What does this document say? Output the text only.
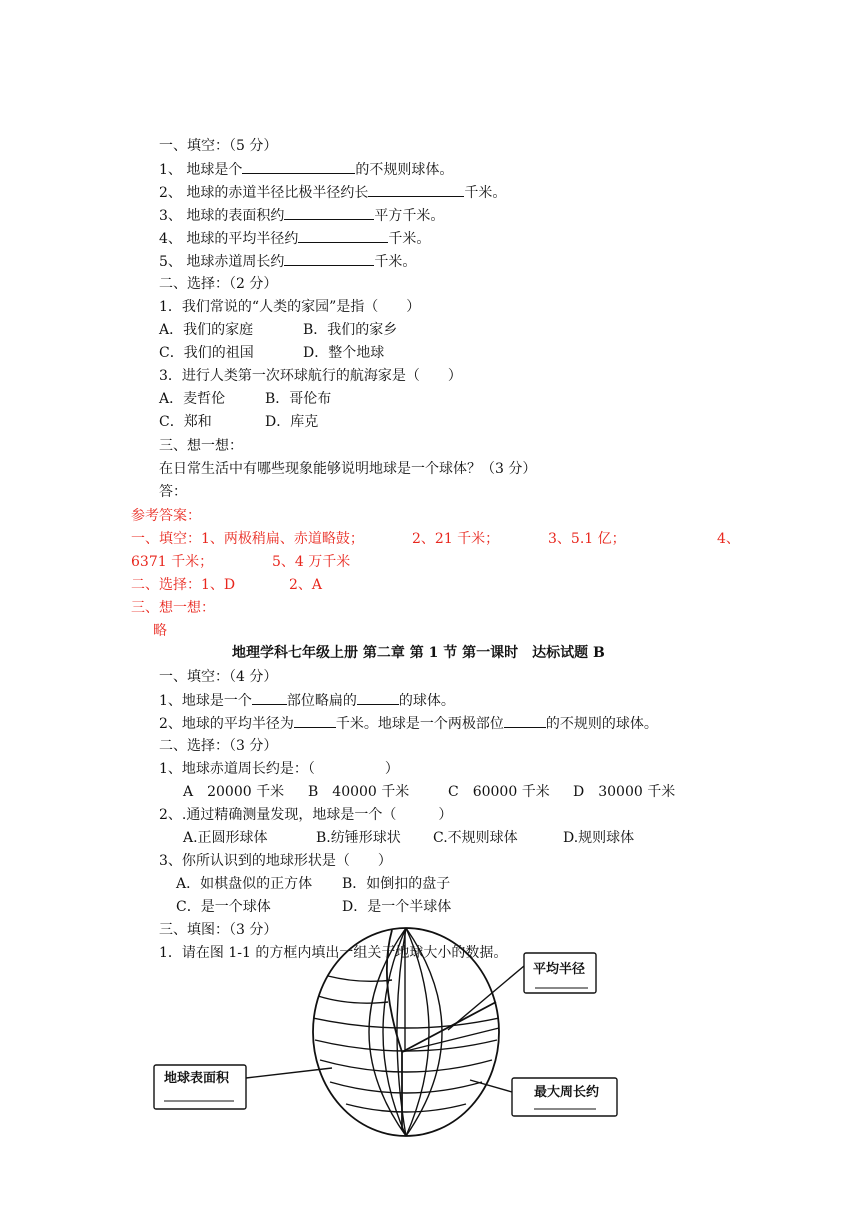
一、填空：（5 分）
1、 地球是个	的不规则球体。
2、 地球的赤道半径比极半径约长	千米。
3、 地球的表面积约	平方千米。
4、 地球的平均半径约	千米。
5、 地球赤道周长约	千米。
二、选择：（2 分）
1．我们常说的“人类的家园”是指（　　）
A．我们的家庭	B．我们的家乡
C．我们的祖国	D．整个地球
3．进行人类第一次环球航行的航海家是（　　）
A．麦哲伦	B．哥伦布
C．郑和	D．库克
三、想一想：
在日常生活中有哪些现象能够说明地球是一个球体？（3 分）
答：
参考答案：
一、填空：1、两极稍扁、赤道略鼓；	2、21 千米；	3、5.1 亿；	4、
6371 千米；	5、4 万千米
二、选择：1、D	2、A
三、想一想：
略
地理学科七年级上册 第二章 第 1 节 第一课时　达标试题 B
一、填空：（4 分）
1、地球是一个	部位略扁的	的球体。
2、地球的平均半径为	千米。地球是一个两极部位	的不规则的球体。
二、选择：（3 分）
1、地球赤道周长约是：（　　　　　）
A　20000 千米 B　40000 千米	C　60000 千米 D　30000 千米
2、.通过精确测量发现，地球是一个（　　　）
A.正圆形球体	B.纺锤形球状 C.不规则球体	D.规则球体
3、你所认识到的地球形状是（　　）
A．如棋盘似的正方体 B．如倒扣的盘子
C．是一个球体	D．是一个半球体
三、填图：（3 分）
1．请在图 1-1 的方框内填出一组关于地球大小的数据。
平均半径
地球表面积
最大周长约
